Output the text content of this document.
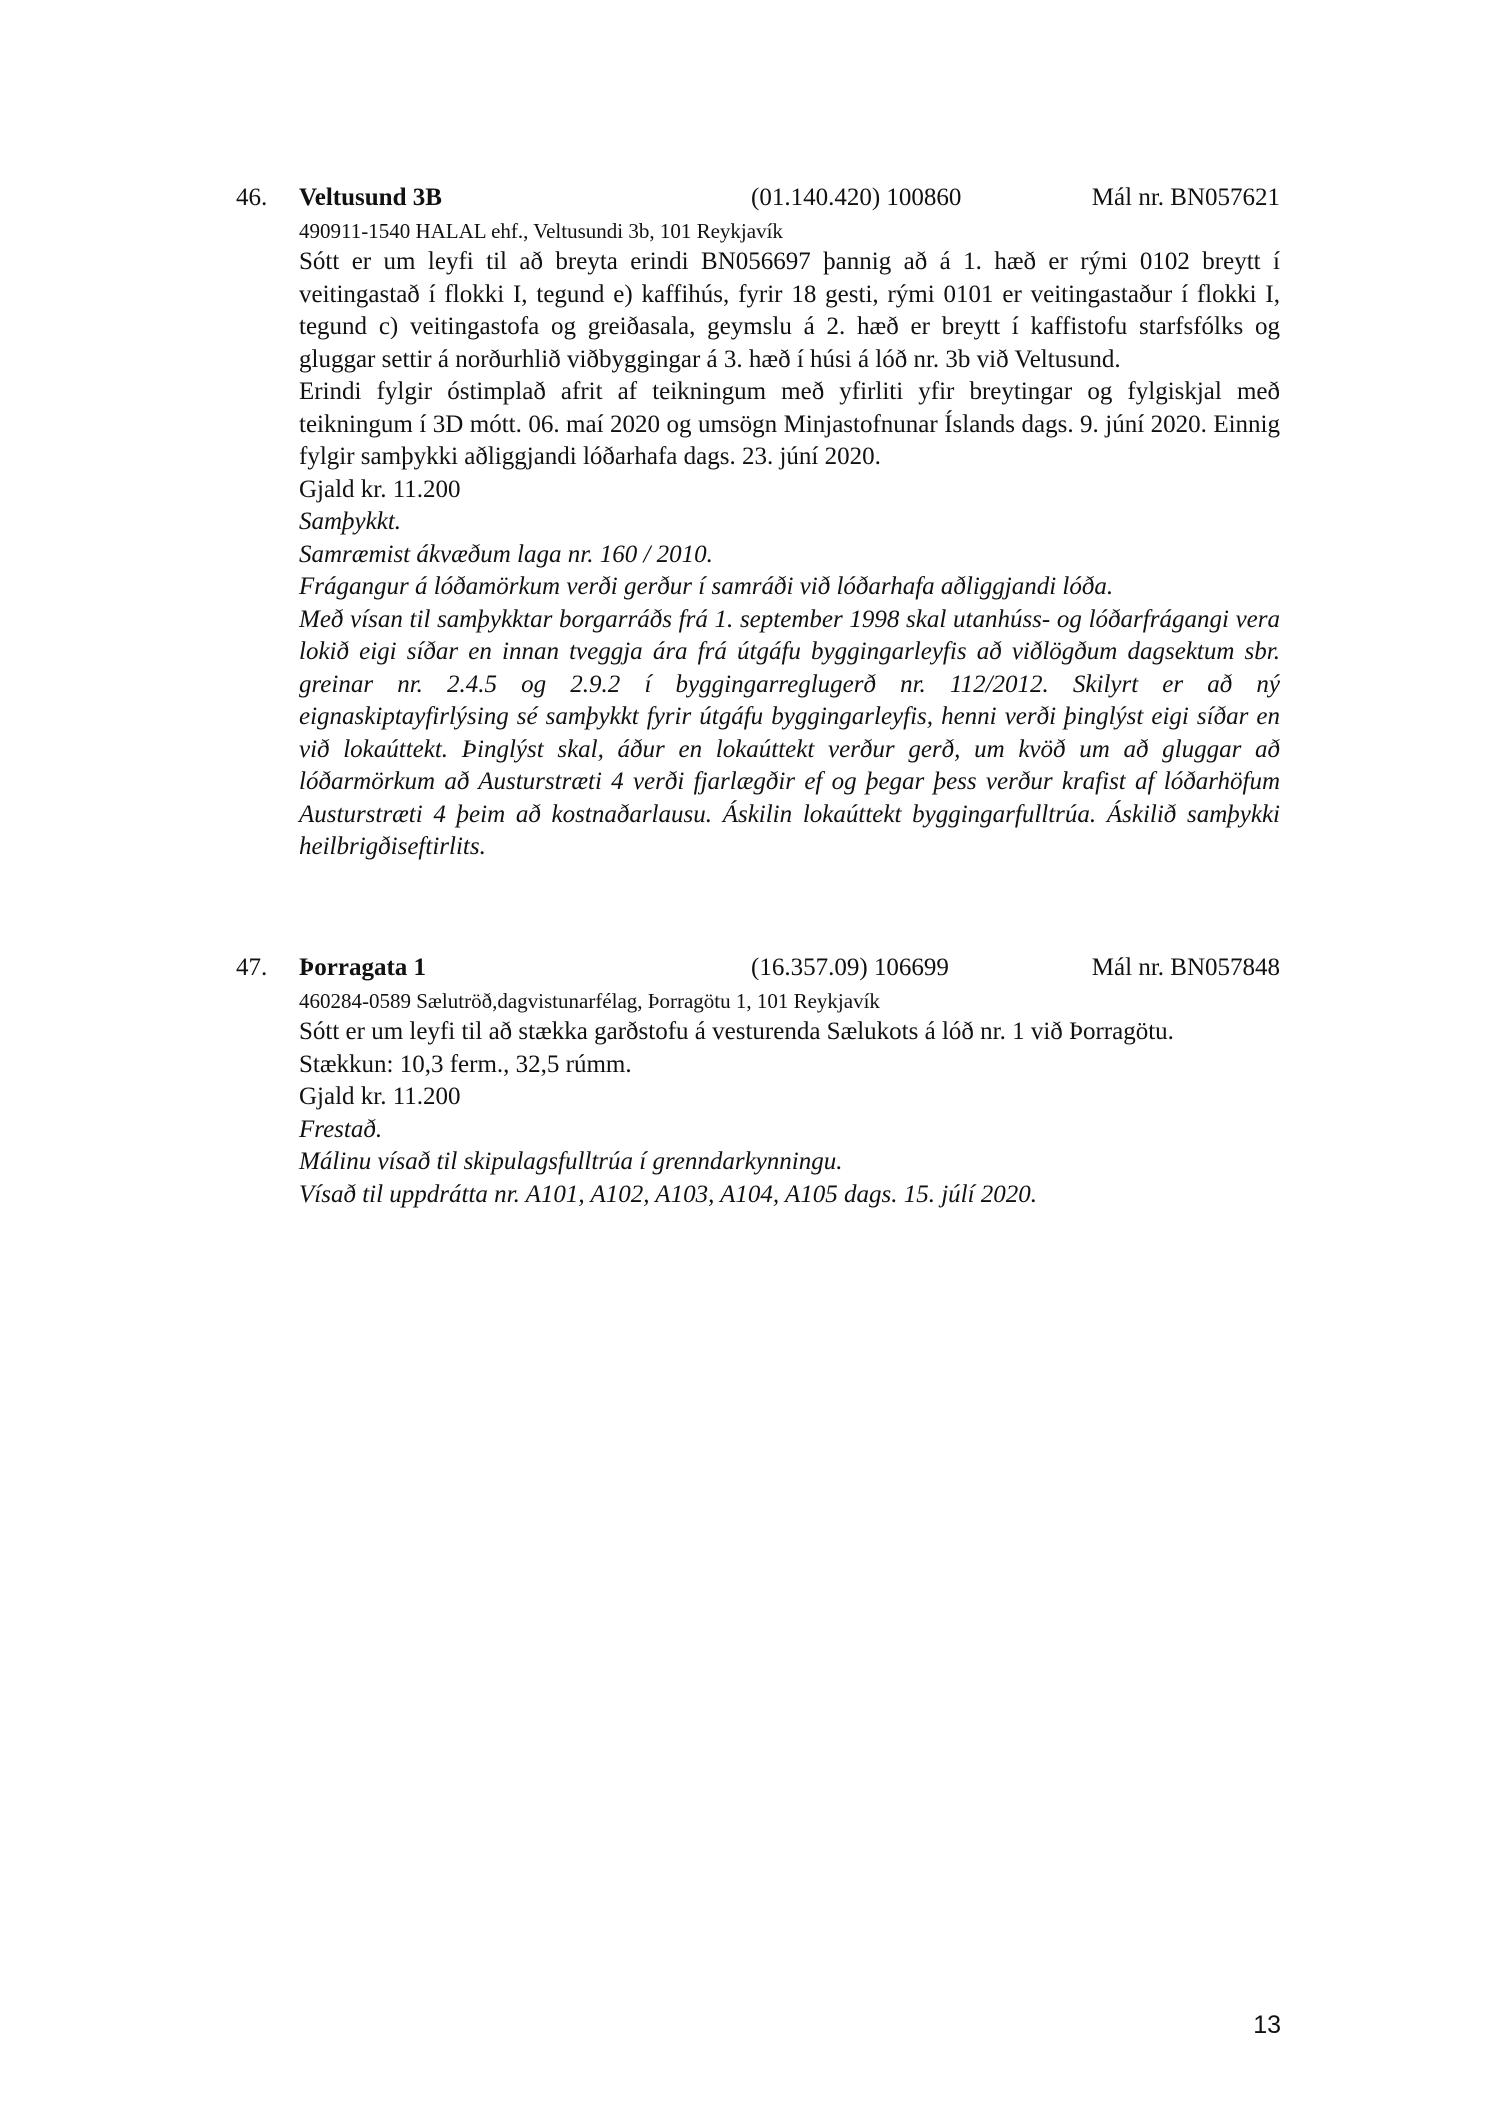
46. Veltusund 3B	(01.140.420) 100860	Mál nr. BN057621
490911-1540 HALAL ehf., Veltusundi 3b, 101 Reykjavík
Sótt er um leyfi til að breyta erindi BN056697 þannig að á 1. hæð er rými 0102 breytt í veitingastað í flokki I, tegund e) kaffihús, fyrir 18 gesti, rými 0101 er veitingastaður í flokki I, tegund c) veitingastofa og greiðasala, geymslu á 2. hæð er breytt í kaffistofu starfsfólks og gluggar settir á norðurhlið viðbyggingar á 3. hæð í húsi á lóð nr. 3b við Veltusund.
Erindi fylgir óstimplað afrit af teikningum með yfirliti yfir breytingar og fylgiskjal með teikningum í 3D mótt. 06. maí 2020 og umsögn Minjastofnunar Íslands dags. 9. júní 2020. Einnig fylgir samþykki aðliggjandi lóðarhafa dags. 23. júní 2020.
Gjald kr. 11.200
Samþykkt.
Samræmist ákvæðum laga nr. 160 / 2010.
Frágangur á lóðamörkum verði gerður í samráði við lóðarhafa aðliggjandi lóða.
Með vísan til samþykktar borgarráðs frá 1. september 1998 skal utanhúss- og lóðarfrágangi vera lokið eigi síðar en innan tveggja ára frá útgáfu byggingarleyfis að viðlögðum dagsektum sbr. greinar nr. 2.4.5 og 2.9.2 í byggingarreglugerð nr. 112/2012. Skilyrt er að ný eignaskiptayfirlýsing sé samþykkt fyrir útgáfu byggingarleyfis, henni verði þinglýst eigi síðar en við lokaúttekt. Þinglýst skal, áður en lokaúttekt verður gerð, um kvöð um að gluggar að lóðarmörkum að Austurstræti 4 verði fjarlægðir ef og þegar þess verður krafist af lóðarhöfum Austurstræti 4 þeim að kostnaðarlausu. Áskilin lokaúttekt byggingarfulltrúa. Áskilið samþykki heilbrigðiseftirlits.
47. Þorragata 1	(16.357.09) 106699	Mál nr. BN057848
460284-0589 Sælutröð,dagvistunarfélag, Þorragötu 1, 101 Reykjavík
Sótt er um leyfi til að stækka garðstofu á vesturenda Sælukots á lóð nr. 1 við Þorragötu.
Stækkun: 10,3 ferm., 32,5 rúmm.
Gjald kr. 11.200
Frestað.
Málinu vísað til skipulagsfulltrúa í grenndarkynningu.
Vísað til uppdrátta nr. A101, A102, A103, A104, A105 dags. 15. júlí 2020.
13
